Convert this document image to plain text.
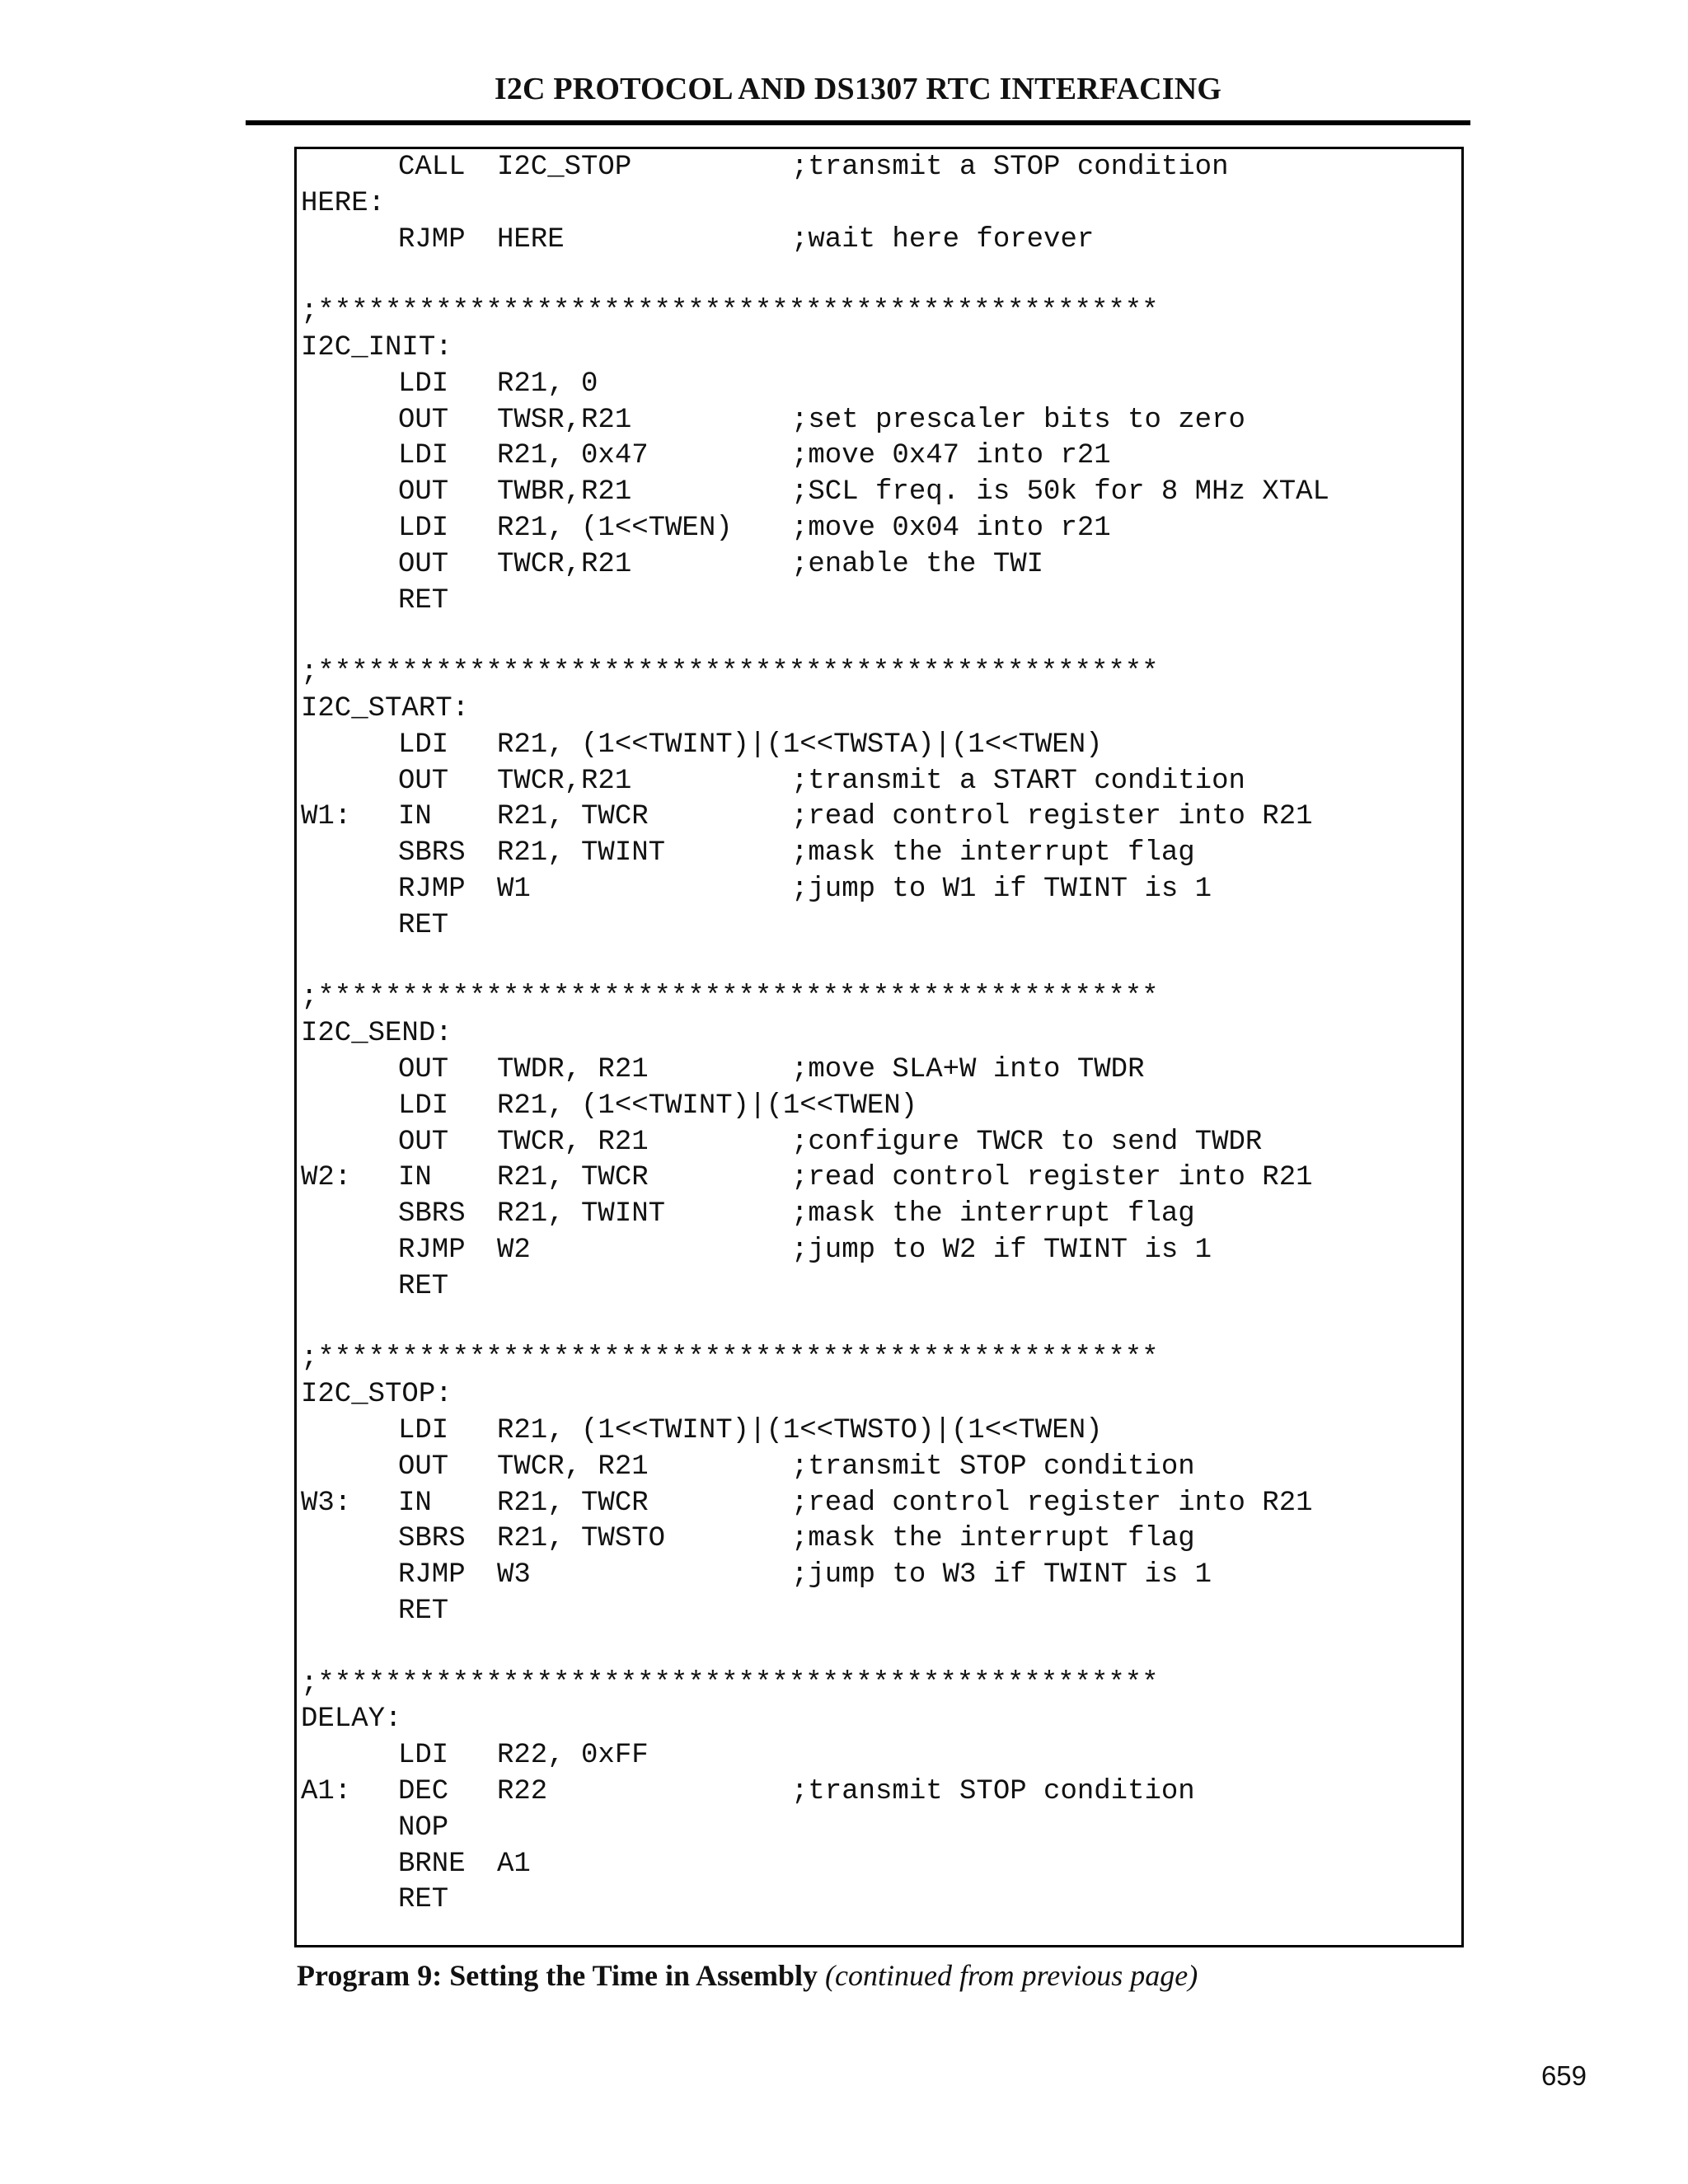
I2C PROTOCOL AND DS1307 RTC INTERFACING
CALL I2C_STOP	;transmit a STOP condition
HERE:
RJMP HERE	;wait here forever
;**************************************************
I2C_INIT:
LDI R21, 0
OUT TWSR,R21	;set prescaler bits to zero
LDI R21, 0x47	;move 0x47 into r21
OUT TWBR,R21	;SCL freq. is 50k for 8 MHz XTAL
LDI R21, (1<<TWEN) ;move 0x04 into r21
OUT TWCR,R21	;enable the TWI
RET
;**************************************************
I2C_START:
LDI R21, (1<<TWINT)|(1<<TWSTA)|(1<<TWEN)
OUT TWCR,R21	;transmit a START condition
W1: IN R21, TWCR	;read control register into R21
SBRS R21, TWINT	;mask the interrupt flag
RJMP W1	;jump to W1 if TWINT is 1
RET
;**************************************************
I2C_SEND:
OUT TWDR, R21	;move SLA+W into TWDR
LDI R21, (1<<TWINT)|(1<<TWEN)
OUT TWCR, R21	;configure TWCR to send TWDR
W2: IN R21, TWCR	;read control register into R21
SBRS R21, TWINT	;mask the interrupt flag
RJMP W2	;jump to W2 if TWINT is 1
RET
;**************************************************
I2C_STOP:
LDI R21, (1<<TWINT)|(1<<TWSTO)|(1<<TWEN)
OUT TWCR, R21	;transmit STOP condition
W3: IN R21, TWCR	;read control register into R21
SBRS R21, TWSTO	;mask the interrupt flag
RJMP W3	;jump to W3 if TWINT is 1
RET
;**************************************************
DELAY:
LDI R22, 0xFF
A1: DEC R22	;transmit STOP condition
NOP
BRNE A1
RET
Program 9: Setting the Time in Assembly (continued from previous page)
659
